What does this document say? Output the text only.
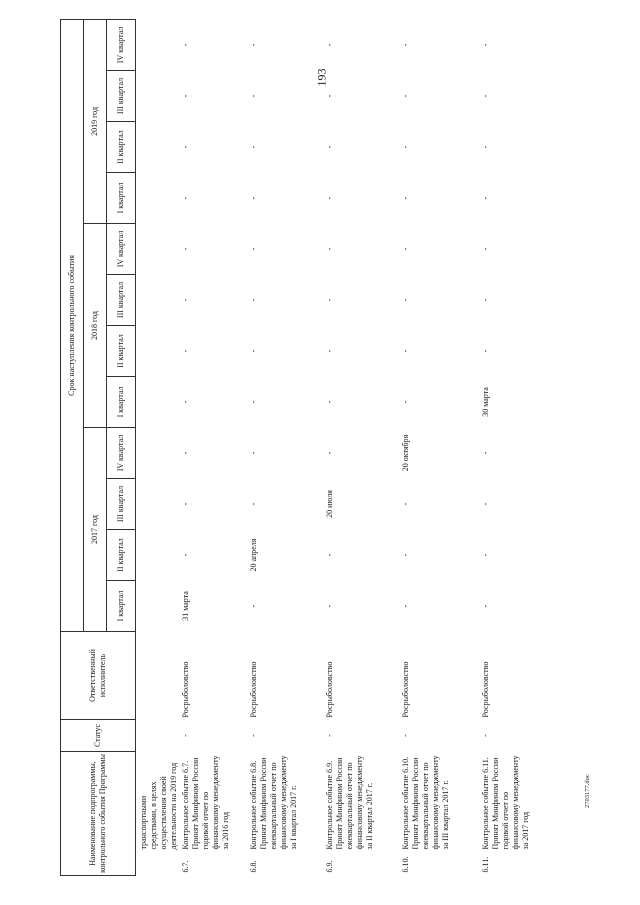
193
2703177.doc
Наименование подпрограммы, контрольного события Программы		Статус	Ответственный исполнитель	Срок наступления контрольного события											
				2017 год				2018 год				2019 год			
				I квартал	II квартал	III квартал	IV квартал	I квартал	II квартал	III квартал	IV квартал	I квартал	II квартал	III квартал	IV квартал
	транспортными средствами, в целях осуществления своей деятельности на 2019 год														
6.7.	Контрольное событие 6.7. Принят Минфином России годовой отчет по финансовому менеджменту за 2016 год	-	Росрыболовство	31 марта	-	-	-	-	-	-	-	-	-	-	-
6.8.	Контрольное событие 6.8. Принят Минфином России ежеквартальный отчет по финансовому менеджменту за I квартал 2017 г.	-	Росрыболовство	-	20 апреля	-	-	-	-	-	-	-	-	-	-
6.9.	Контрольное событие 6.9. Принят Минфином России ежеквартальный отчет по финансовому менеджменту за II квартал 2017 г.	-	Росрыболовство	-	-	20 июля	-	-	-	-	-	-	-	-	-
6.10.	Контрольное событие 6.10. Принят Минфином России ежеквартальный отчет по финансовому менеджменту за III квартал 2017 г.	-	Росрыболовство	-	-	-	20 октября	-	-	-	-	-	-	-	-
6.11.	Контрольное событие 6.11. Принят Минфином России годовой отчет по финансовому менеджменту за 2017 год	-	Росрыболовство	-	-	-	-	30 марта	-	-	-	-	-	-	-
